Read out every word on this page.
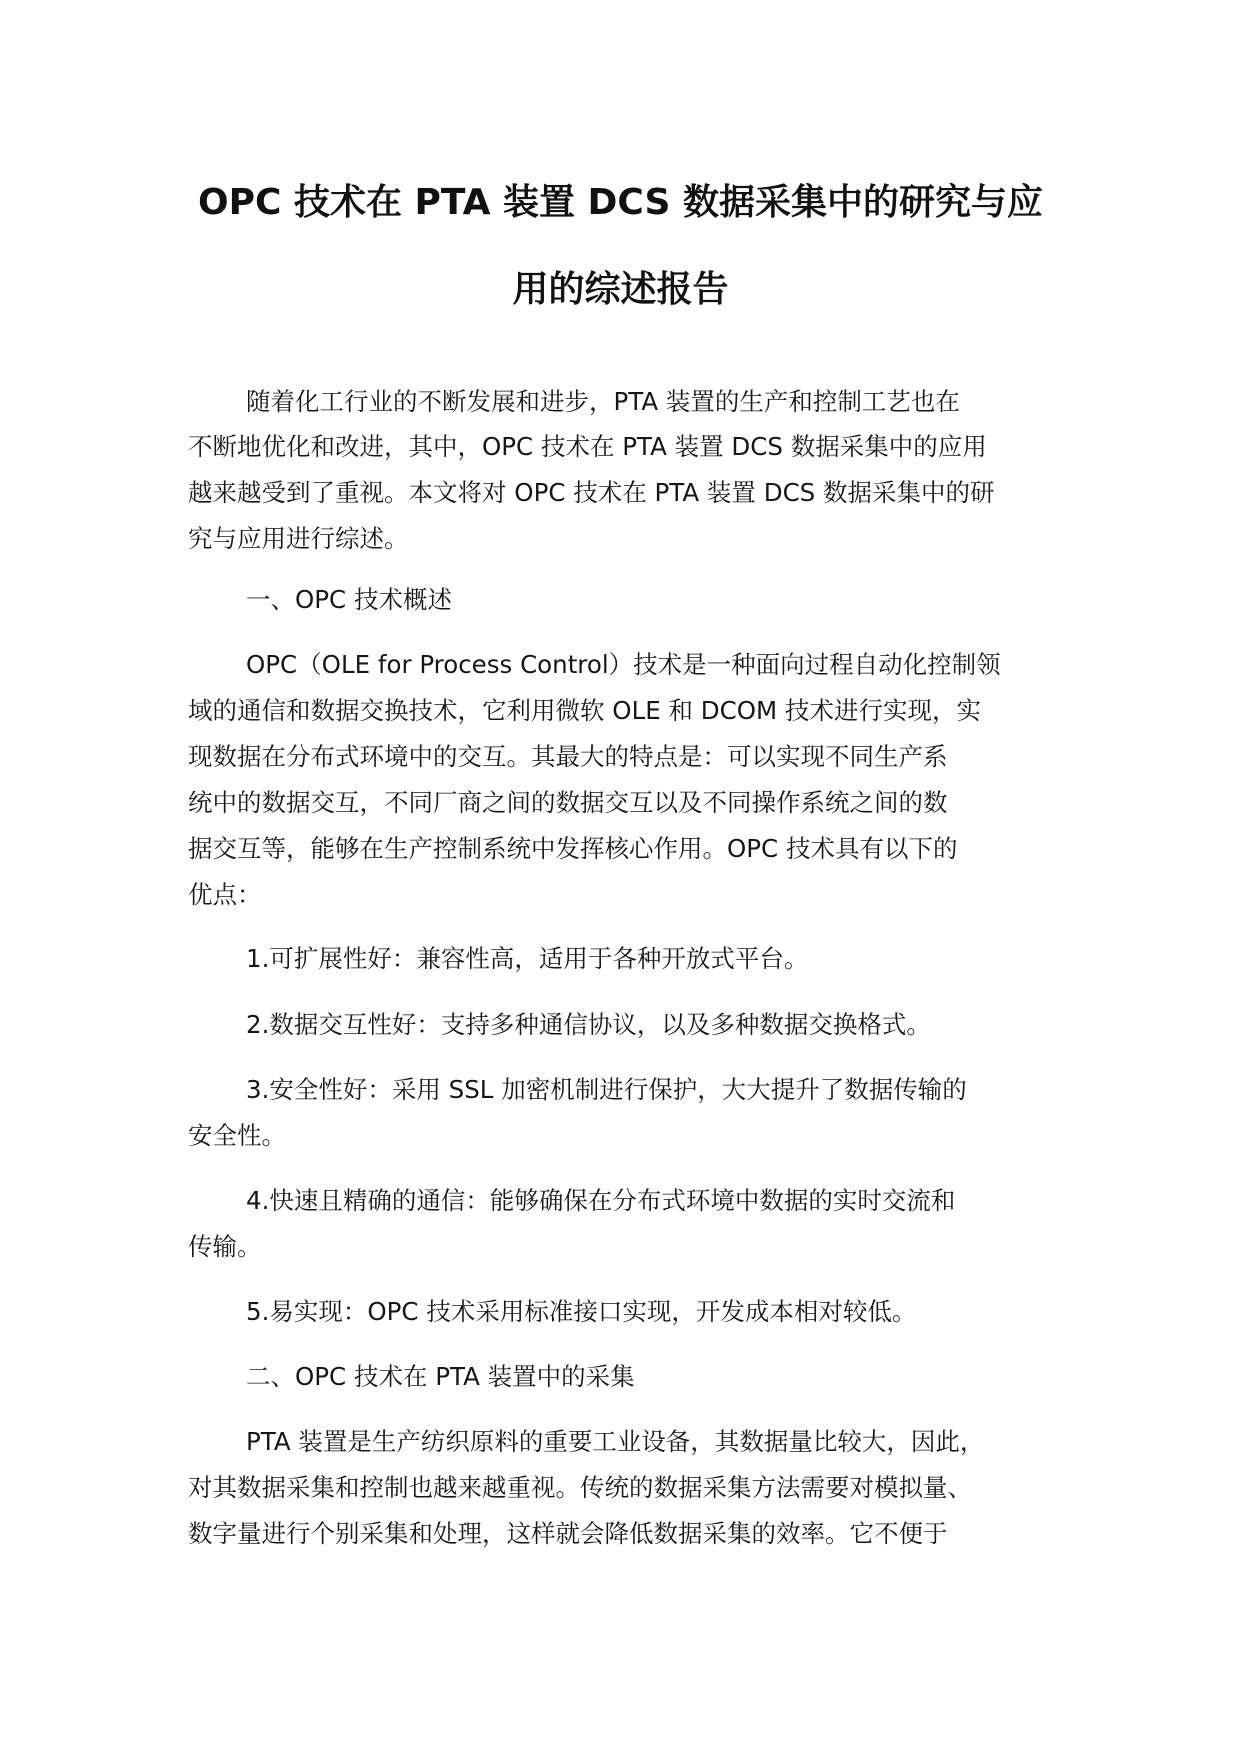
OPC 技术在 PTA 装置 DCS 数据采集中的研究与应
用的综述报告
随着化工行业的不断发展和进步，PTA 装置的生产和控制工艺也在
不断地优化和改进，其中，OPC 技术在 PTA 装置 DCS 数据采集中的应用
越来越受到了重视。本文将对 OPC 技术在 PTA 装置 DCS 数据采集中的研
究与应用进行综述。
一、OPC 技术概述
OPC（OLE for Process Control）技术是一种面向过程自动化控制领
域的通信和数据交换技术，它利用微软 OLE 和 DCOM 技术进行实现，实
现数据在分布式环境中的交互。其最大的特点是：可以实现不同生产系
统中的数据交互，不同厂商之间的数据交互以及不同操作系统之间的数
据交互等，能够在生产控制系统中发挥核心作用。OPC 技术具有以下的
优点：
1.可扩展性好：兼容性高，适用于各种开放式平台。
2.数据交互性好：支持多种通信协议，以及多种数据交换格式。
3.安全性好：采用 SSL 加密机制进行保护，大大提升了数据传输的
安全性。
4.快速且精确的通信：能够确保在分布式环境中数据的实时交流和
传输。
5.易实现：OPC 技术采用标准接口实现，开发成本相对较低。
二、OPC 技术在 PTA 装置中的采集
PTA 装置是生产纺织原料的重要工业设备，其数据量比较大，因此，
对其数据采集和控制也越来越重视。传统的数据采集方法需要对模拟量、
数字量进行个别采集和处理，这样就会降低数据采集的效率。它不便于
